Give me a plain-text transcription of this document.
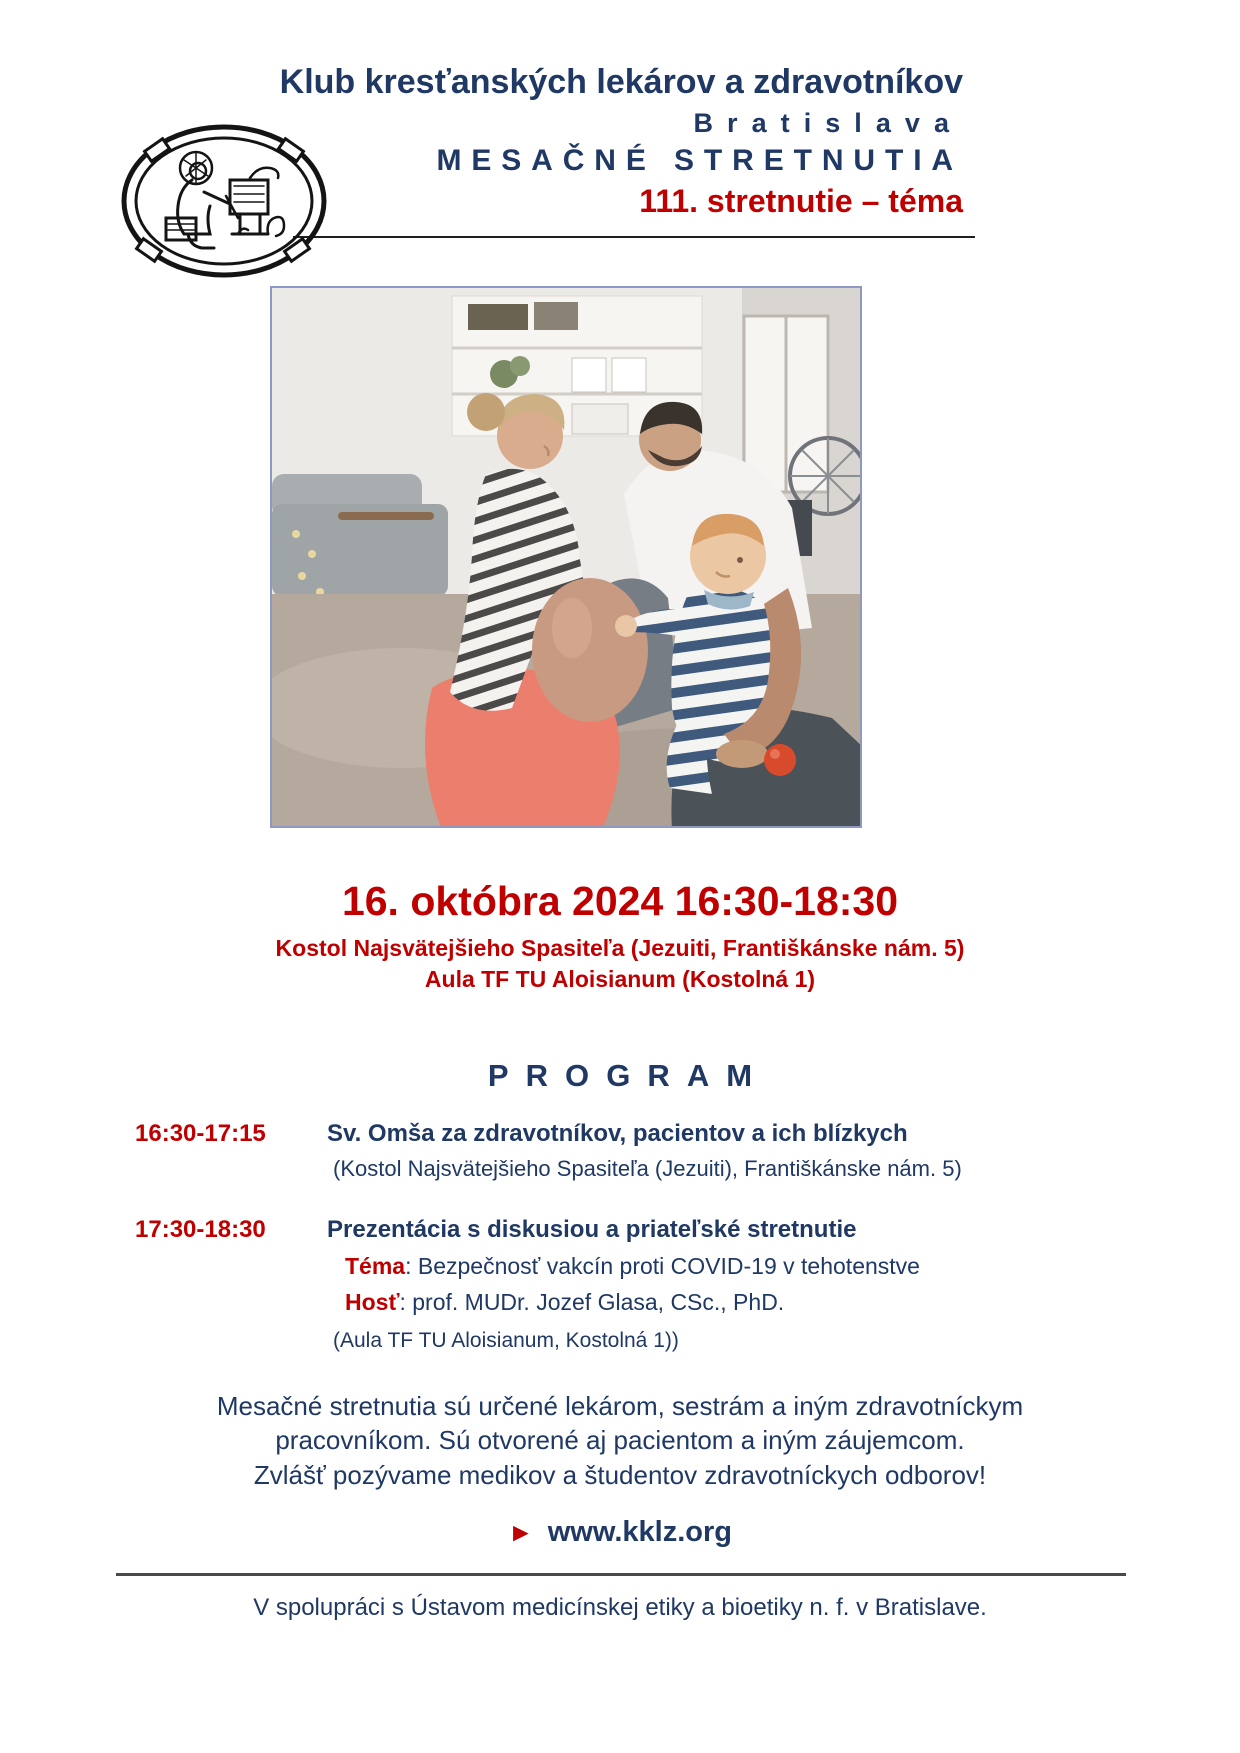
Klub kresťanských lekárov a zdravotníkov
Bratislava
MESAČNÉ STRETNUTIA
111. stretnutie – téma
16. októbra 2024 16:30-18:30
Kostol Najsvätejšieho Spasiteľa (Jezuiti, Františkánske nám. 5)
Aula TF TU Aloisianum (Kostolná 1)
PROGRAM
16:30-17:15	Sv. Omša za zdravotníkov, pacientov a ich blízkych
(Kostol Najsvätejšieho Spasiteľa (Jezuiti), Františkánske nám. 5)
17:30-18:30	Prezentácia s diskusiou a priateľské stretnutie
Téma: Bezpečnosť vakcín proti COVID-19 v tehotenstve
Hosť: prof. MUDr. Jozef Glasa, CSc., PhD.
(Aula TF TU Aloisianum, Kostolná 1))
Mesačné stretnutia sú určené lekárom, sestrám a iným zdravotníckym
pracovníkom. Sú otvorené aj pacientom a iným záujemcom.
Zvlášť pozývame medikov a študentov zdravotníckych odborov!
► www.kklz.org
V spolupráci s Ústavom medicínskej etiky a bioetiky n. f. v Bratislave.
